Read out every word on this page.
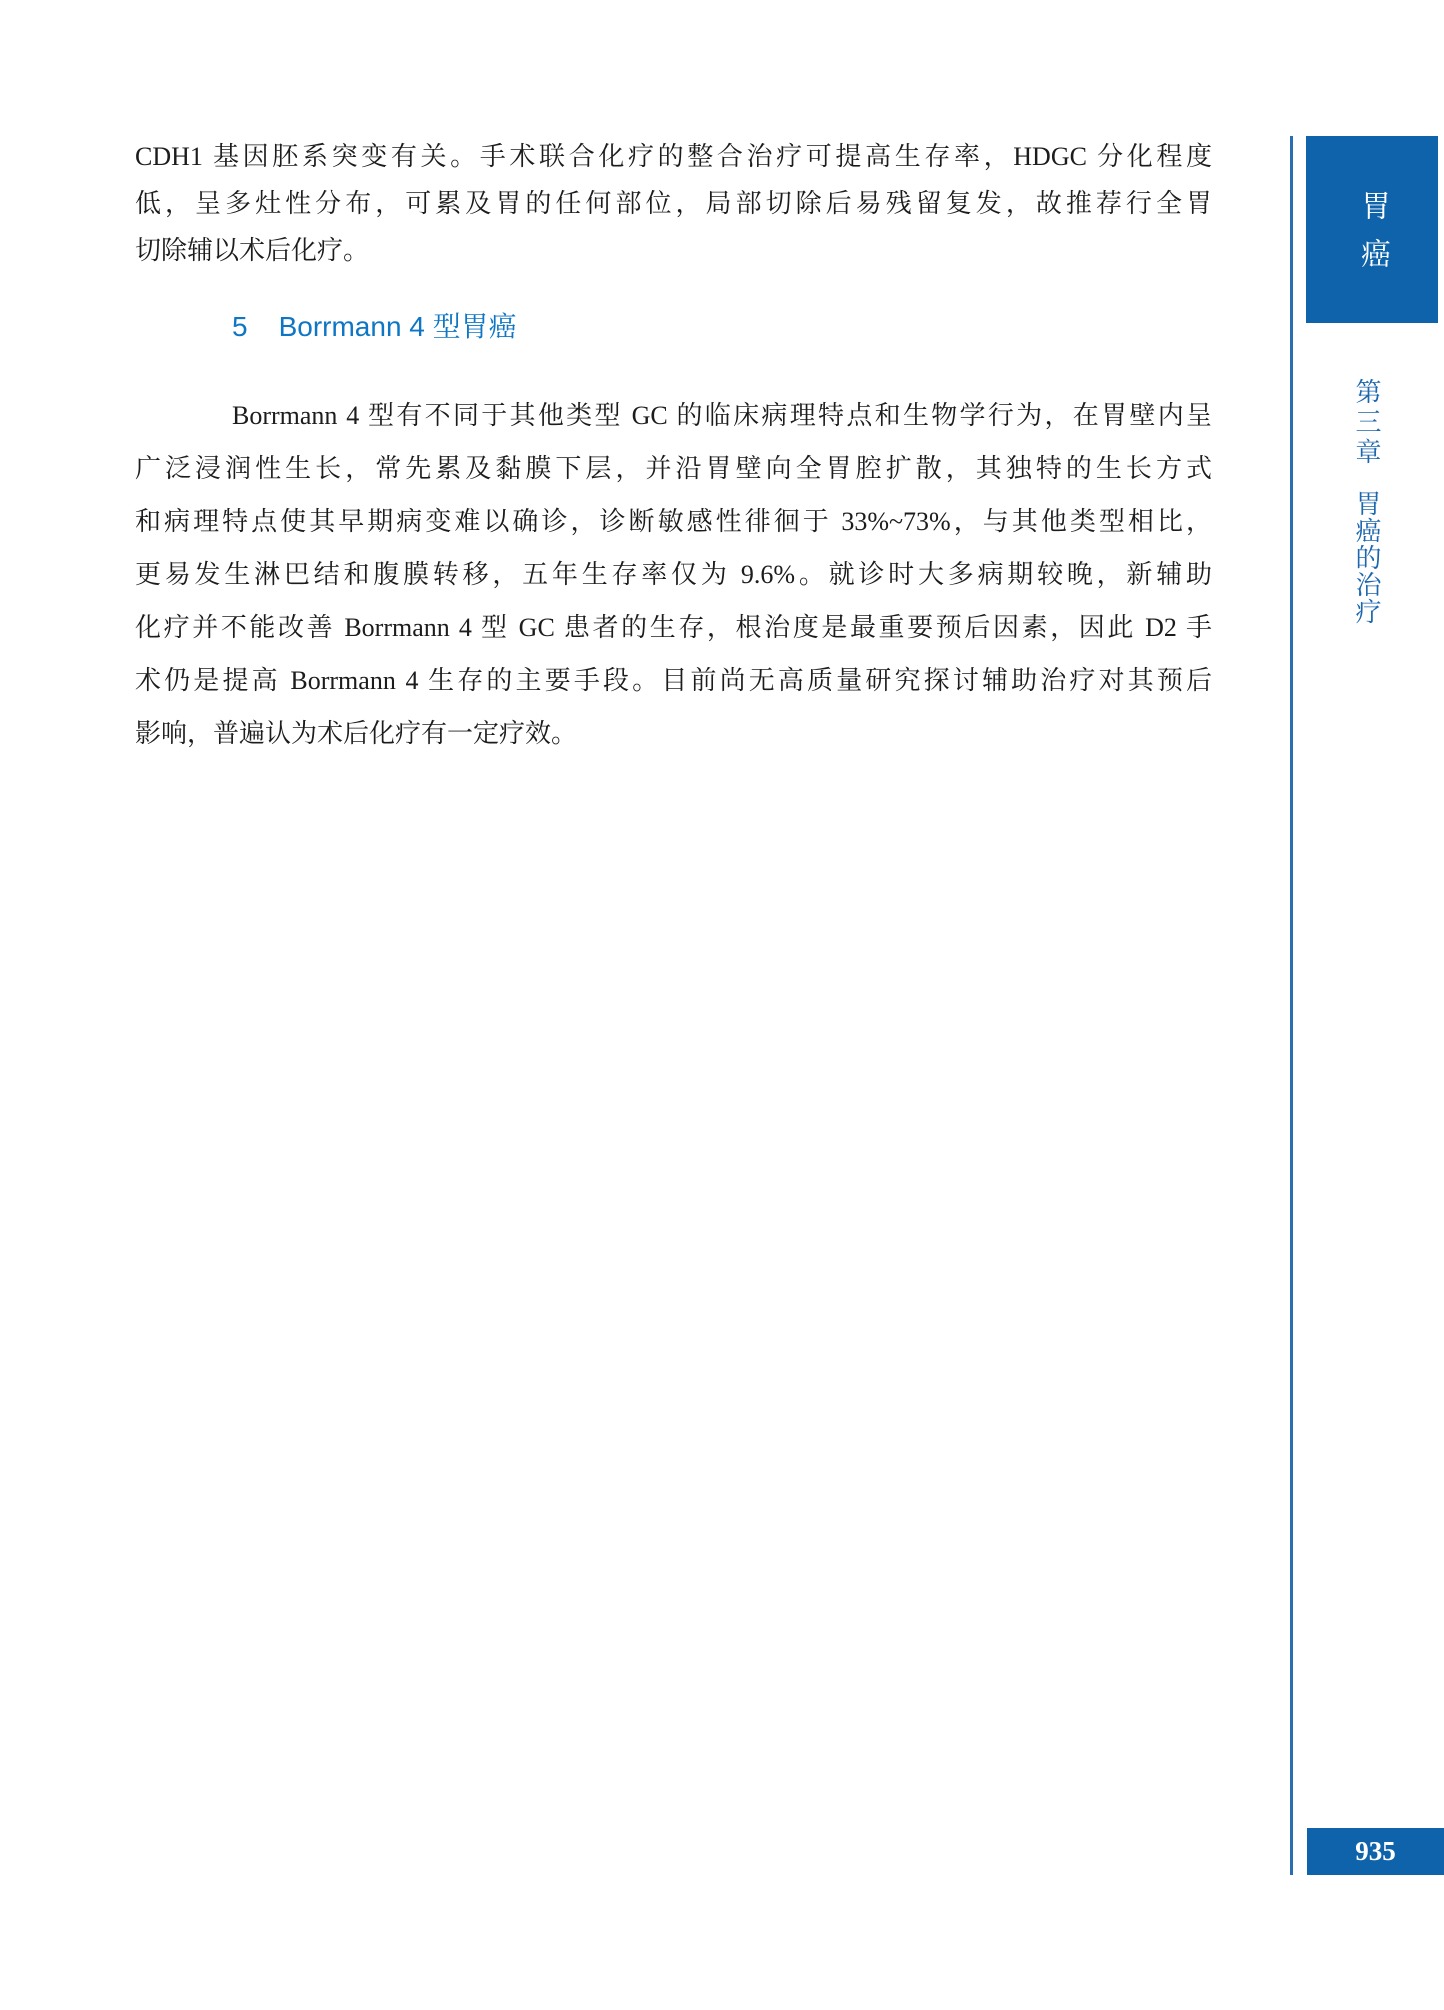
CDH1 基因胚系突变有关。手术联合化疗的整合治疗可提高生存率，HDGC 分化程度
低，呈多灶性分布，可累及胃的任何部位，局部切除后易残留复发，故推荐行全胃
切除辅以术后化疗。
5 Borrmann 4 型胃癌
Borrmann 4 型有不同于其他类型 GC 的临床病理特点和生物学行为，在胃壁内呈
广泛浸润性生长，常先累及黏膜下层，并沿胃壁向全胃腔扩散，其独特的生长方式
和病理特点使其早期病变难以确诊，诊断敏感性徘徊于 33%~73%，与其他类型相比，
更易发生淋巴结和腹膜转移，五年生存率仅为 9.6%。就诊时大多病期较晚，新辅助
化疗并不能改善 Borrmann 4 型 GC 患者的生存，根治度是最重要预后因素，因此 D2 手
术仍是提高 Borrmann 4 生存的主要手段。目前尚无高质量研究探讨辅助治疗对其预后
影响，普遍认为术后化疗有一定疗效。
胃癌
第三章胃癌的治疗
935
